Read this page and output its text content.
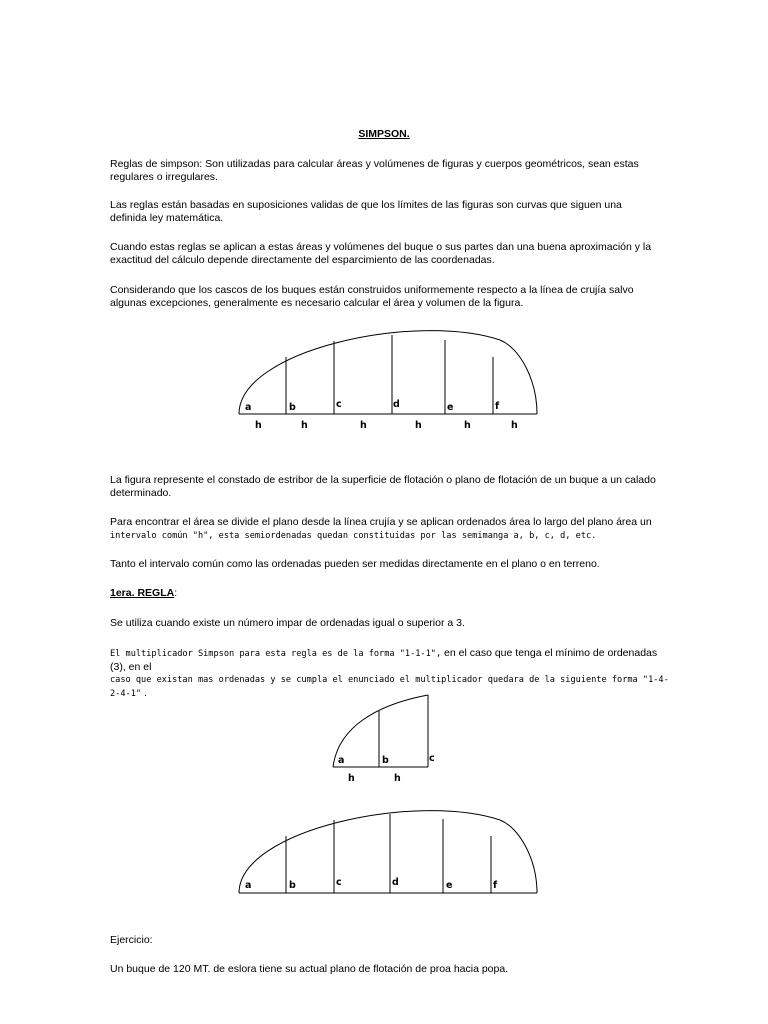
SIMPSON.

Reglas de simpson: Son utilizadas para calcular áreas y volúmenes de figuras y cuerpos geométricos, sean estas regulares o irregulares.

Las reglas están basadas en suposiciones validas de que los límites de las figuras son curvas que siguen una definida ley matemática.

Cuando estas reglas se aplican a estas áreas y volúmenes del buque o sus partes dan una buena aproximación y la exactitud del cálculo depende directamente del esparcimiento de las coordenadas.

Considerando que los cascos de los buques están construidos uniformemente respecto a la línea de crujía salvo algunas excepciones, generalmente es necesario calcular el área y volumen de la figura.

a	b	c	d	e	f
h	h	h	h	h	h

La figura represente el constado de estribor de la superficie de flotación o plano de flotación de un buque a un calado determinado.

Para encontrar el área se divide el plano desde la línea crujía y se aplican ordenados área lo largo del plano área un
intervalo común "h", esta semiordenadas quedan constituidas por las semimanga a, b, c, d, etc.

Tanto el intervalo común como las ordenadas pueden ser medidas directamente en el plano o en terreno.

1era. REGLA:

Se utiliza cuando existe un número impar de ordenadas igual o superior a 3.

El multiplicador Simpson para esta regla es de la forma "1-1-1", en el caso que tenga el mínimo de ordenadas (3), en el
caso que existan mas ordenadas y se cumpla el enunciado el multiplicador quedara de la siguiente forma "1-4-2-4-1" .

a	b	c
h	h
a	b	c	d	e	f

Ejercicio:

Un buque de 120 MT. de eslora tiene su actual plano de flotación de proa hacia popa.
